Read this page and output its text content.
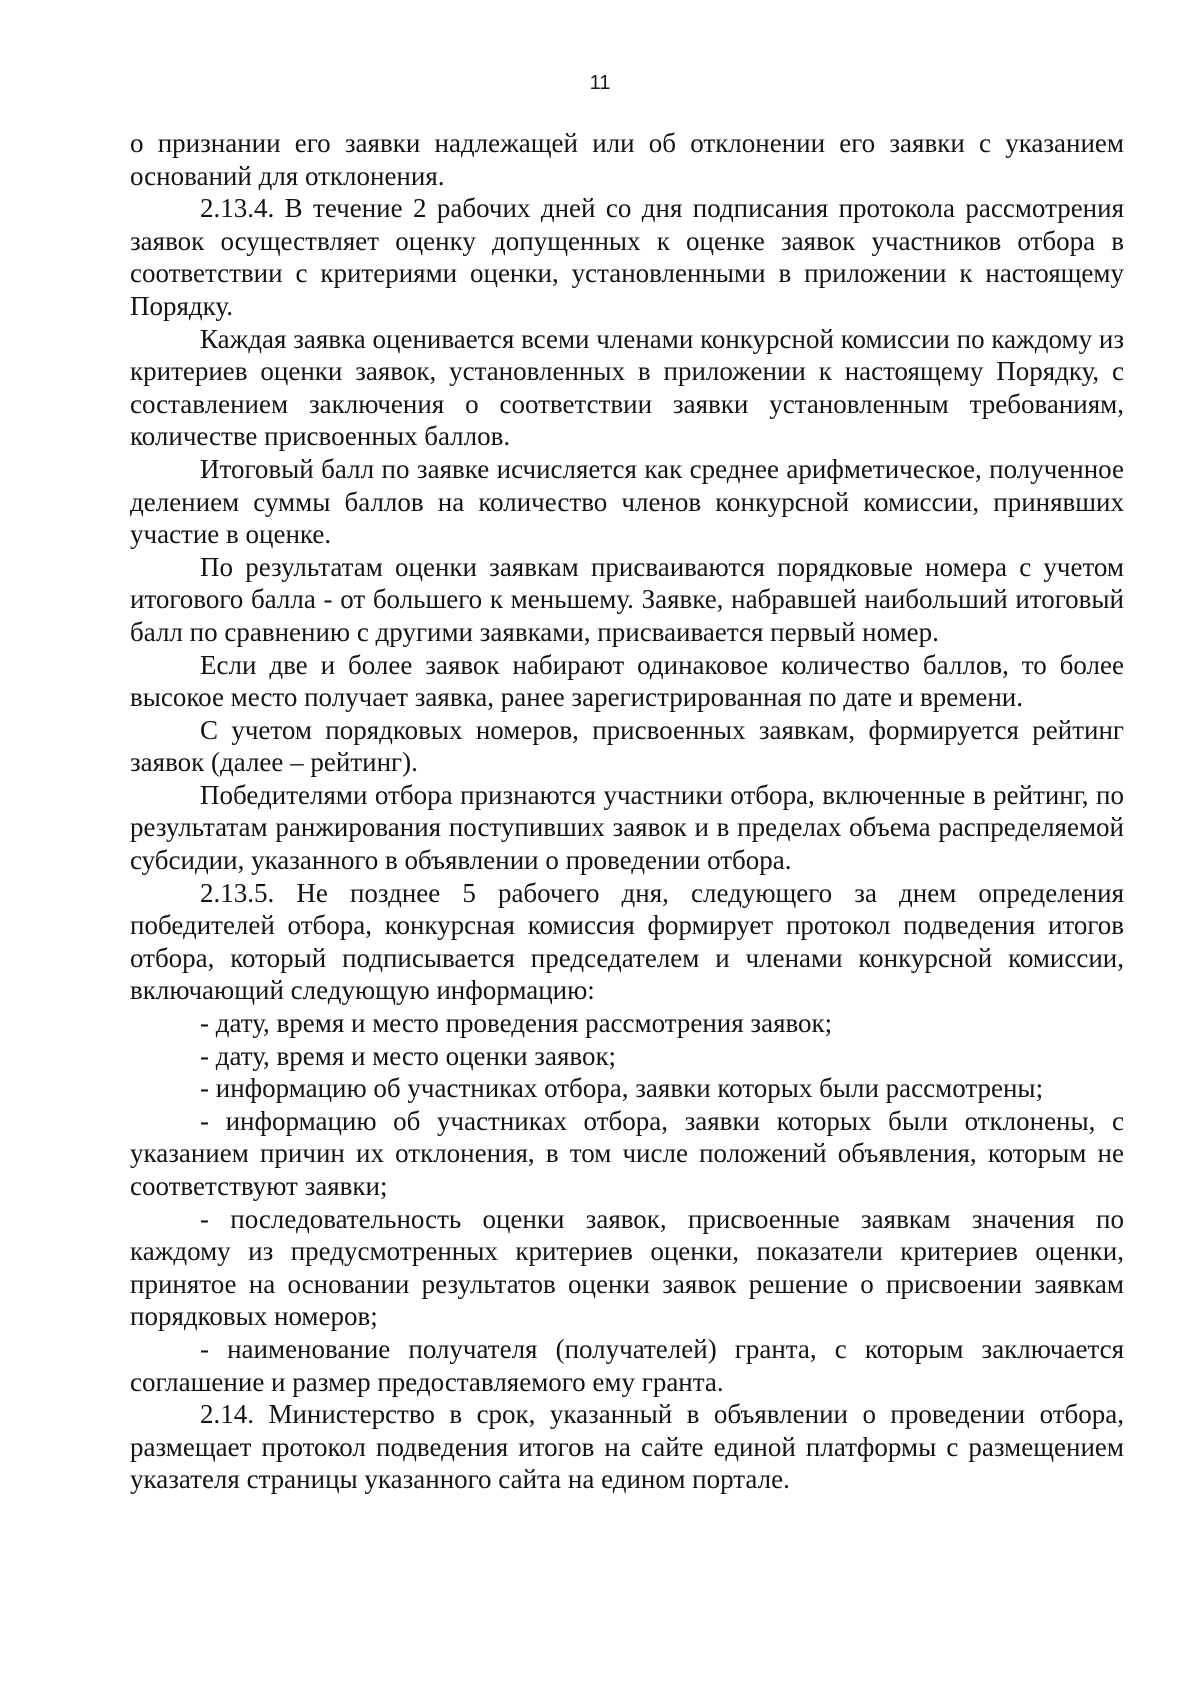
11

о признании его заявки надлежащей или об отклонении его заявки с указанием оснований для отклонения.

2.13.4. В течение 2 рабочих дней со дня подписания протокола рассмотрения заявок осуществляет оценку допущенных к оценке заявок участников отбора в соответствии с критериями оценки, установленными в приложении к настоящему Порядку.

Каждая заявка оценивается всеми членами конкурсной комиссии по каждому из критериев оценки заявок, установленных в приложении к настоящему Порядку, с составлением заключения о соответствии заявки установленным требованиям, количестве присвоенных баллов.

Итоговый балл по заявке исчисляется как среднее арифметическое, полученное делением суммы баллов на количество членов конкурсной комиссии, принявших участие в оценке.

По результатам оценки заявкам присваиваются порядковые номера с учетом итогового балла - от большего к меньшему. Заявке, набравшей наибольший итоговый балл по сравнению с другими заявками, присваивается первый номер.

Если две и более заявок набирают одинаковое количество баллов, то более высокое место получает заявка, ранее зарегистрированная по дате и времени.

С учетом порядковых номеров, присвоенных заявкам, формируется рейтинг заявок (далее – рейтинг).

Победителями отбора признаются участники отбора, включенные в рейтинг, по результатам ранжирования поступивших заявок и в пределах объема распределяемой субсидии, указанного в объявлении о проведении отбора.

2.13.5. Не позднее 5 рабочего дня, следующего за днем определения победителей отбора, конкурсная комиссия формирует протокол подведения итогов отбора, который подписывается председателем и членами конкурсной комиссии, включающий следующую информацию:

- дату, время и место проведения рассмотрения заявок;

- дату, время и место оценки заявок;

- информацию об участниках отбора, заявки которых были рассмотрены;

- информацию об участниках отбора, заявки которых были отклонены, с указанием причин их отклонения, в том числе положений объявления, которым не соответствуют заявки;

- последовательность оценки заявок, присвоенные заявкам значения по каждому из предусмотренных критериев оценки, показатели критериев оценки, принятое на основании результатов оценки заявок решение о присвоении заявкам порядковых номеров;

- наименование получателя (получателей) гранта, с которым заключается соглашение и размер предоставляемого ему гранта.

2.14. Министерство в срок, указанный в объявлении о проведении отбора, размещает протокол подведения итогов на сайте единой платформы с размещением указателя страницы указанного сайта на едином портале.
